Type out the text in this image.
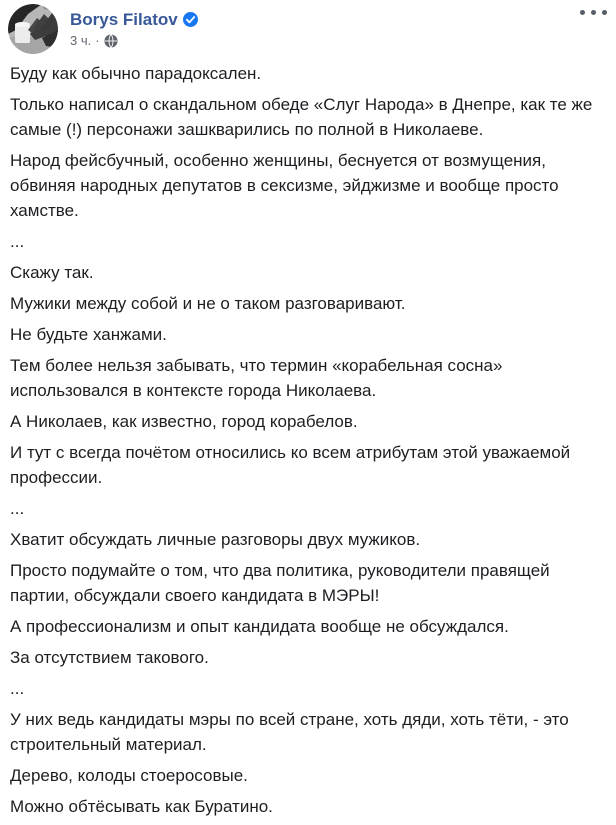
Borys Filatov
3 ч. ·

Буду как обычно парадоксален.

Только написал о скандальном обеде «Слуг Народа» в Днепре, как те же самые (!) персонажи зашкварились по полной в Николаеве.

Народ фейсбучный, особенно женщины, беснуется от возмущения, обвиняя народных депутатов в сексизме, эйджизме и вообще просто хамстве.

...

Скажу так.

Мужики между собой и не о таком разговаривают.

Не будьте ханжами.

Тем более нельзя забывать, что термин «корабельная сосна» использовался в контексте города Николаева.

А Николаев, как известно, город корабелов.

И тут с всегда почётом относились ко всем атрибутам этой уважаемой профессии.

...

Хватит обсуждать личные разговоры двух мужиков.

Просто подумайте о том, что два политика, руководители правящей партии, обсуждали своего кандидата в МЭРЫ!

А профессионализм и опыт кандидата вообще не обсуждался.

За отсутствием такового.

...

У них ведь кандидаты мэры по всей стране, хоть дяди, хоть тёти, - это строительный материал.

Дерево, колоды стоеросовые.

Можно обтёсывать как Буратино.
